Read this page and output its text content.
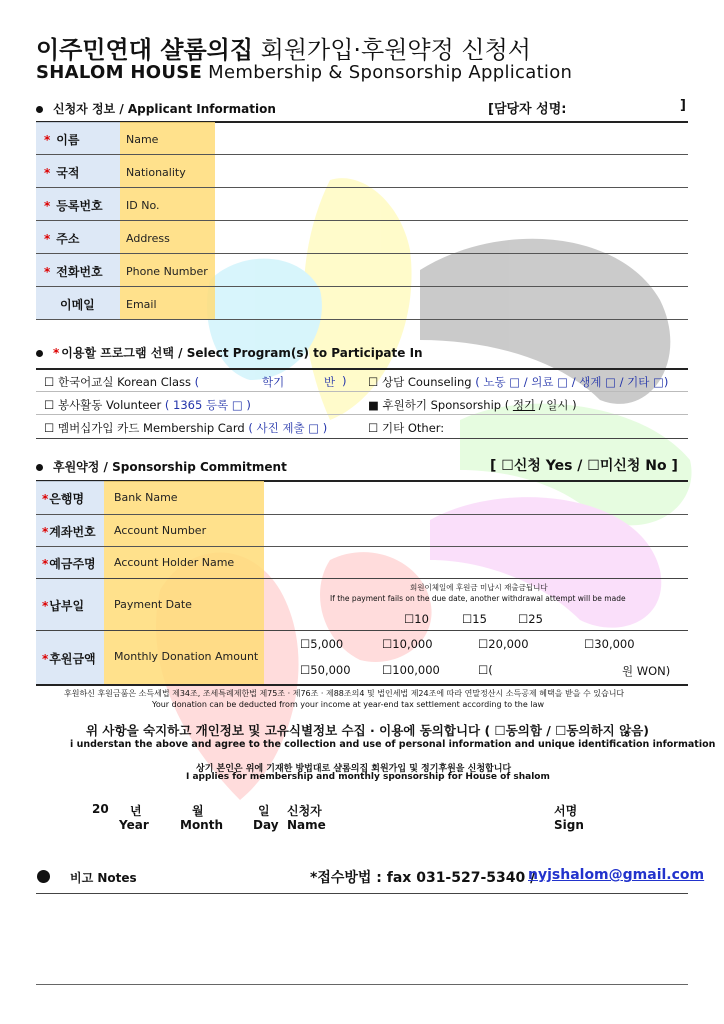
이주민연대 샬롬의집 회원가입·후원약정 신청서
SHALOM HOUSE Membership & Sponsorship Application
신청자 정보 / Applicant Information	[담당자 성명:	]
* 이름	Name
* 국적	Nationality
* 등록번호 ID No.
* 주소	Address
* 전화번호 Phone Number
이메일	Email
* 이용할 프로그램 선택 / Select Program(s) to Participate In
☐ 한국어교실 Korean Class (	학기	반 ) ☐ 상담 Counseling ( 노동 □ / 의료 □ / 생계 □ / 기타 □)
☐ 봉사활동 Volunteer ( 1365 등록 □ )	■ 후원하기 Sponsorship ( 정기 / 일시 )
☐ 멤버십가입 카드 Membership Card ( 사진 제출 □ )	☐ 기타 Other:
후원약정 / Sponsorship Commitment	[ ☐신청 Yes / ☐미신청 No ]
*은행명	Bank Name
*계좌번호 Account Number
*예금주명 Account Holder Name
*납부일	Payment Date
회원이체일에 후원금 미납시 재출금됩니다
If the payment fails on the due date, another withdrawal attempt will be made
☐10	☐15	☐25
*후원금액 Monthly Donation Amount
☐5,000	☐10,000	☐20,000	☐30,000
☐50,000	☐100,000	☐(	원 WON)
후원하신 후원금품은 소득세법 제34조, 조세특례제한법 제75조 · 제76조 · 제88조의4 및 법인세법 제24조에 따라 연말정산시 소득공제 혜택을 받을 수 있습니다
Your donation can be deducted from your income at year-end tax settlement according to the law
위 사항을 숙지하고 개인정보 및 고유식별정보 수집 · 이용에 동의합니다 ( ☐동의함 / ☐동의하지 않음)
i understan the above and agree to the collection and use of personal information and unique identification information
상기 본인은 위에 기재한 방법대로 샬롬의집 회원가입 및 정기후원을 신청합니다
I applies for membership and monthly sponsorship for House of shalom
20 년
Year
월
Month
일
Day
신청자
Name
서명
Sign
비고 Notes	*접수방법 : fax 031-527-5340 /
nyjshalom@gmail.com
